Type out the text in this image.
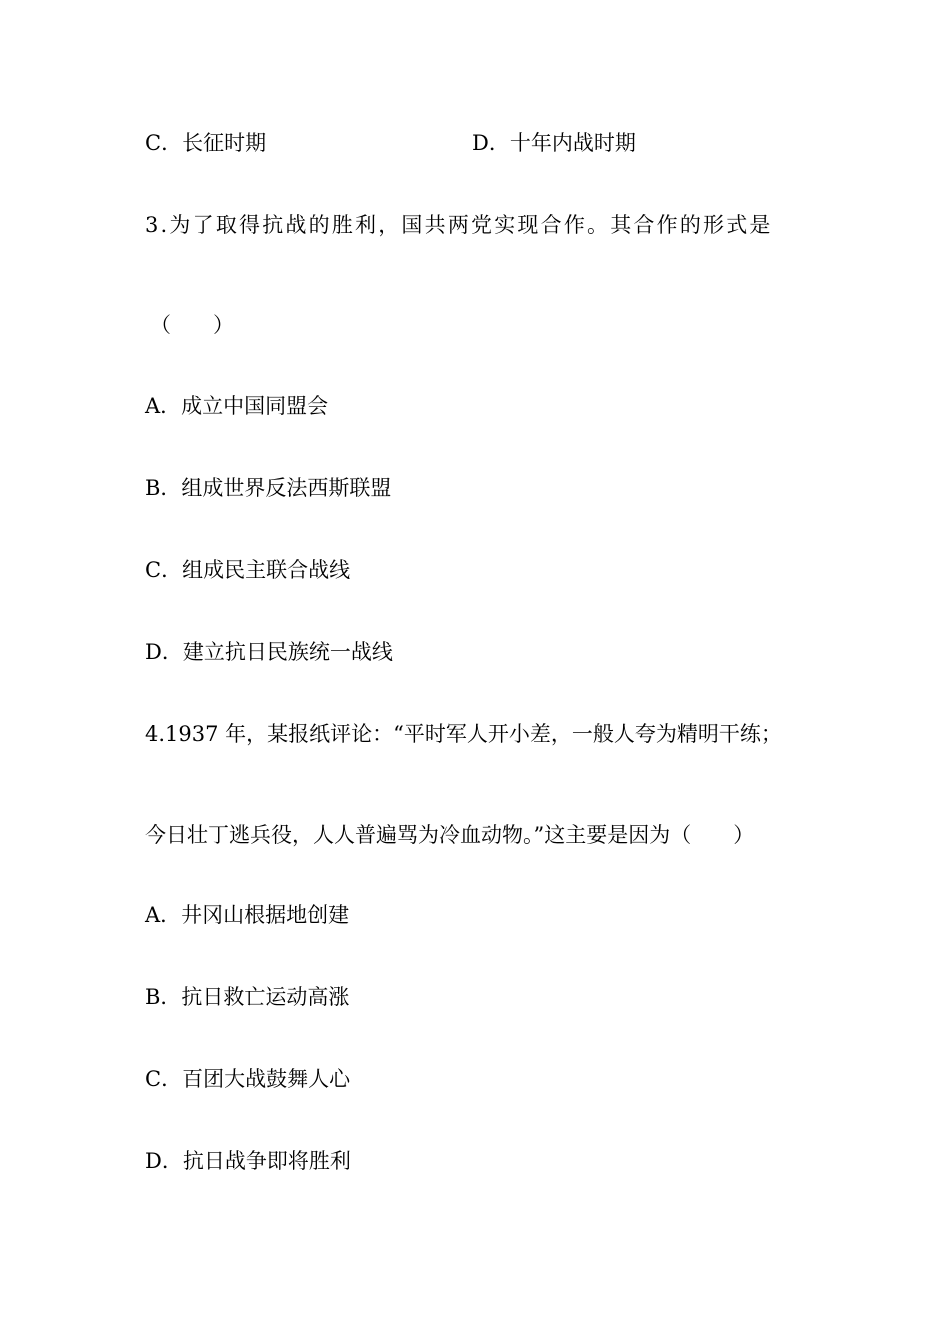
C．长征时期	D．十年内战时期
3.为了取得抗战的胜利，国共两党实现合作。其合作的形式是
（　　）
A．成立中国同盟会
B．组成世界反法西斯联盟
C．组成民主联合战线
D．建立抗日民族统一战线
4.1937 年，某报纸评论：“平时军人开小差，一般人夸为精明干练；
今日壮丁逃兵役，人人普遍骂为冷血动物。”这主要是因为（　　）
A．井冈山根据地创建
B．抗日救亡运动高涨
C．百团大战鼓舞人心
D．抗日战争即将胜利
